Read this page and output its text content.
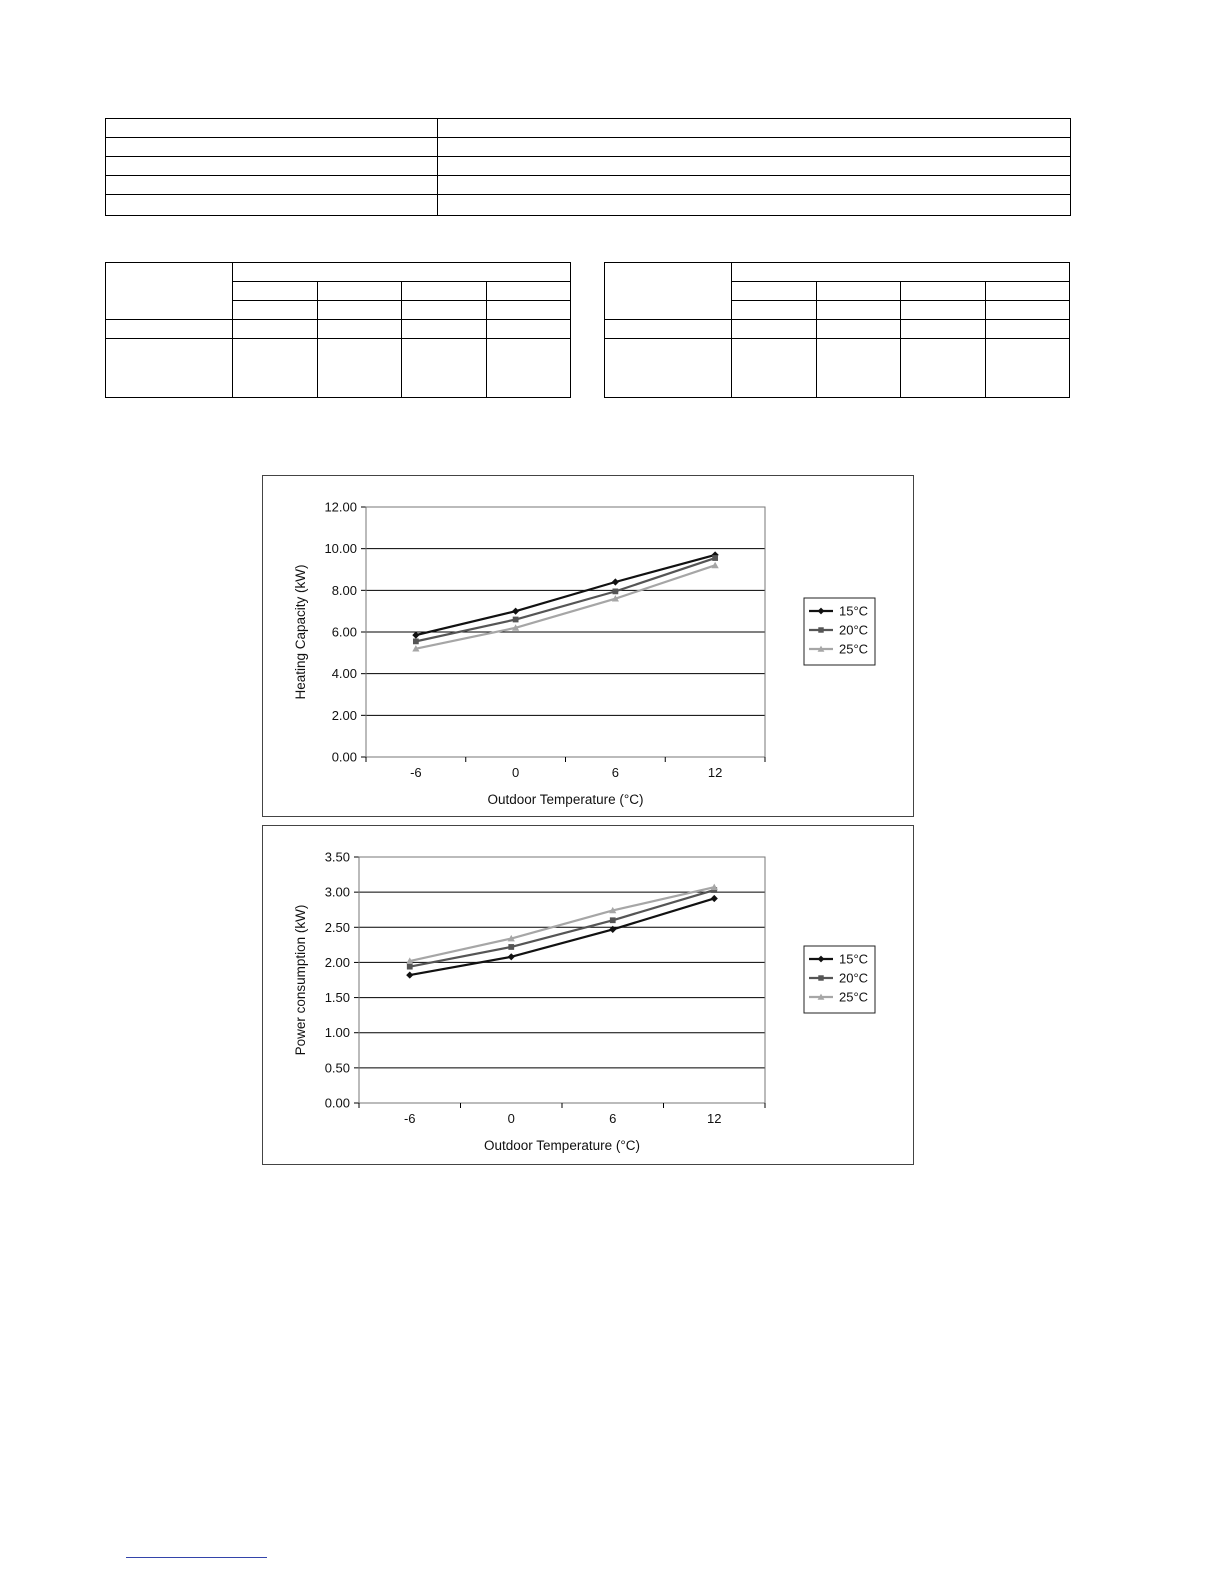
0.00
2.00
4.00
6.00
8.00
10.00
12.00
-6	0	6	12
Outdoor Temperature (°C)
Heating Capacity (kW)	15°C
20°C
25°C
0.00
0.50
1.00
1.50
2.00
2.50
3.00
3.50
-6	0	6	12
Outdoor Temperature (°C)
Power consumption (kW)	15°C
20°C
25°C
